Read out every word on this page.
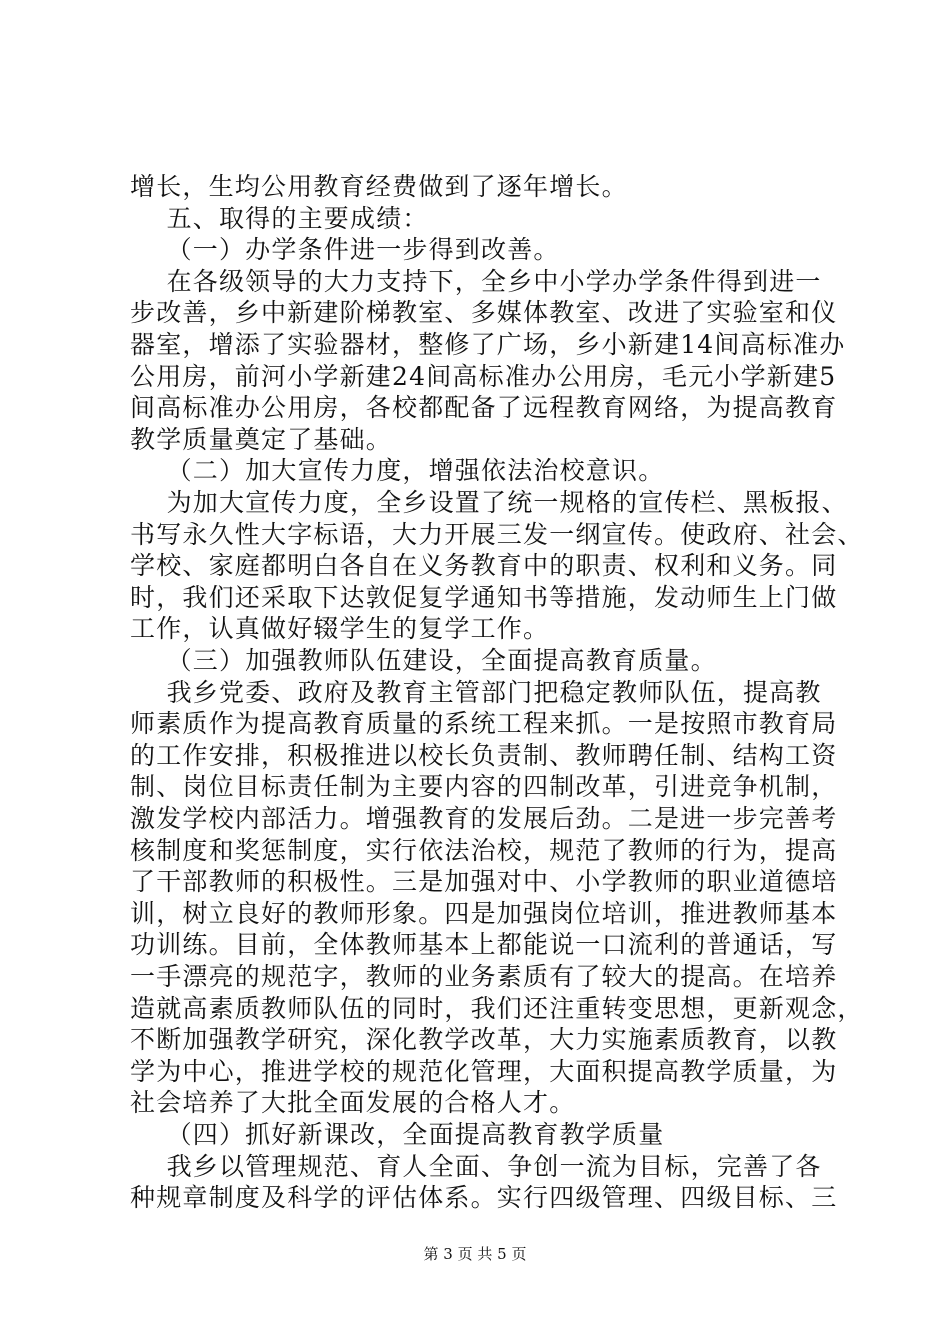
增长，生均公用教育经费做到了逐年增长。
五、取得的主要成绩：
（一）办学条件进一步得到改善。
在各级领导的大力支持下，全乡中小学办学条件得到进一
步改善，乡中新建阶梯教室、多媒体教室、改进了实验室和仪
器室，增添了实验器材，整修了广场，乡小新建14间高标准办
公用房，前河小学新建24间高标准办公用房，毛元小学新建5
间高标准办公用房，各校都配备了远程教育网络，为提高教育
教学质量奠定了基础。
（二）加大宣传力度，增强依法治校意识。
为加大宣传力度，全乡设置了统一规格的宣传栏、黑板报、
书写永久性大字标语，大力开展三发一纲宣传。使政府、社会、
学校、家庭都明白各自在义务教育中的职责、权利和义务。同
时，我们还采取下达敦促复学通知书等措施，发动师生上门做
工作，认真做好辍学生的复学工作。
（三）加强教师队伍建设，全面提高教育质量。
我乡党委、政府及教育主管部门把稳定教师队伍，提高教
师素质作为提高教育质量的系统工程来抓。一是按照市教育局
的工作安排，积极推进以校长负责制、教师聘任制、结构工资
制、岗位目标责任制为主要内容的四制改革，引进竞争机制，
激发学校内部活力。增强教育的发展后劲。二是进一步完善考
核制度和奖惩制度，实行依法治校，规范了教师的行为，提高
了干部教师的积极性。三是加强对中、小学教师的职业道德培
训，树立良好的教师形象。四是加强岗位培训，推进教师基本
功训练。目前，全体教师基本上都能说一口流利的普通话，写
一手漂亮的规范字，教师的业务素质有了较大的提高。在培养
造就高素质教师队伍的同时，我们还注重转变思想，更新观念，
不断加强教学研究，深化教学改革，大力实施素质教育，以教
学为中心，推进学校的规范化管理，大面积提高教学质量，为
社会培养了大批全面发展的合格人才。
（四）抓好新课改，全面提高教育教学质量
我乡以管理规范、育人全面、争创一流为目标，完善了各
种规章制度及科学的评估体系。实行四级管理、四级目标、三
第 3 页 共 5 页
